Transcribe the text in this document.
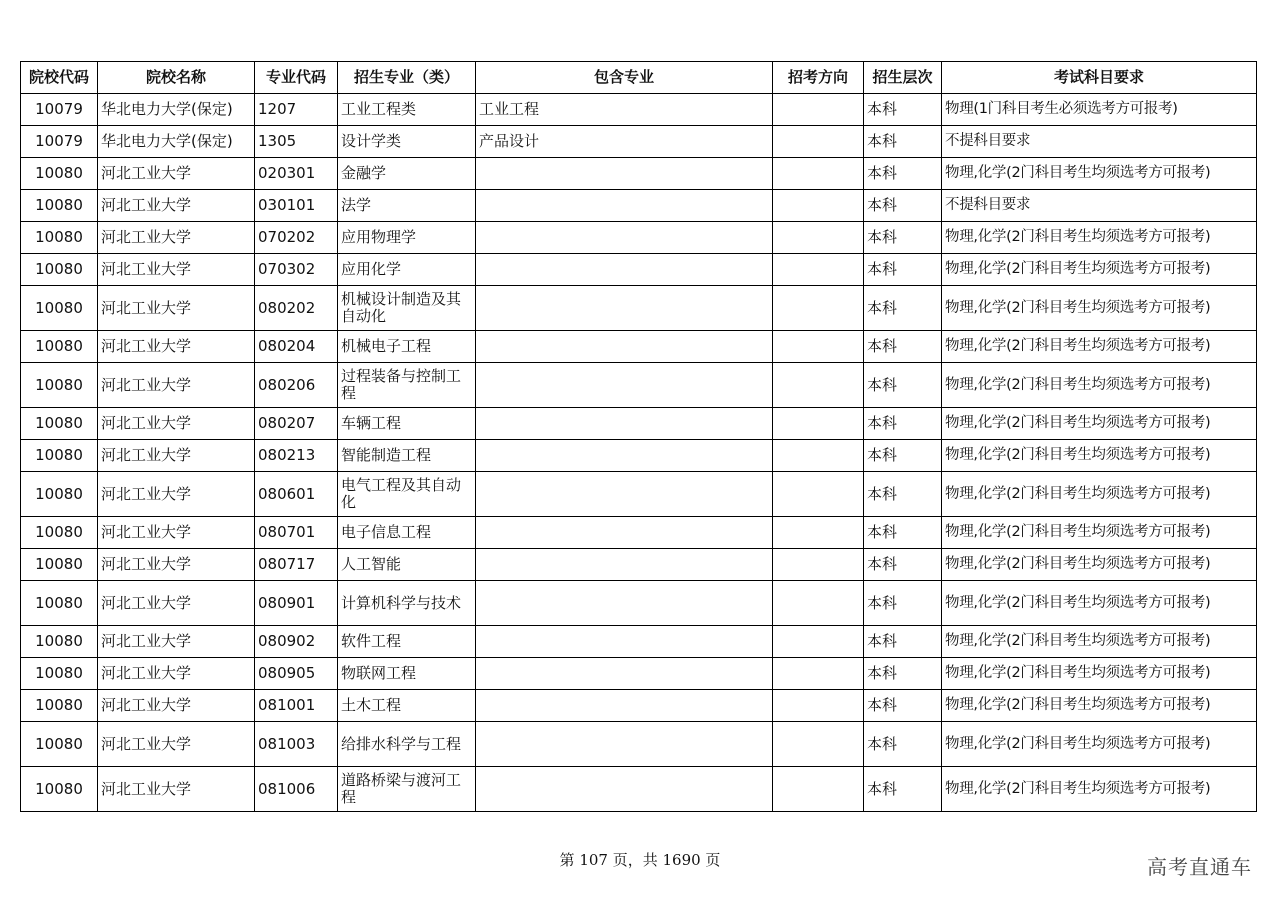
院校代码	院校名称	专业代码	招生专业（类）	包含专业	招考方向	招生层次	考试科目要求
10079	华北电力大学(保定)	1207	工业工程类	工业工程		本科	物理(1门科目考生必须选考方可报考)
10079	华北电力大学(保定)	1305	设计学类	产品设计		本科	不提科目要求
10080	河北工业大学	020301	金融学			本科	物理,化学(2门科目考生均须选考方可报考)
10080	河北工业大学	030101	法学			本科	不提科目要求
10080	河北工业大学	070202	应用物理学			本科	物理,化学(2门科目考生均须选考方可报考)
10080	河北工业大学	070302	应用化学			本科	物理,化学(2门科目考生均须选考方可报考)
10080	河北工业大学	080202	机械设计制造及其自动化			本科	物理,化学(2门科目考生均须选考方可报考)
10080	河北工业大学	080204	机械电子工程			本科	物理,化学(2门科目考生均须选考方可报考)
10080	河北工业大学	080206	过程装备与控制工程			本科	物理,化学(2门科目考生均须选考方可报考)
10080	河北工业大学	080207	车辆工程			本科	物理,化学(2门科目考生均须选考方可报考)
10080	河北工业大学	080213	智能制造工程			本科	物理,化学(2门科目考生均须选考方可报考)
10080	河北工业大学	080601	电气工程及其自动化			本科	物理,化学(2门科目考生均须选考方可报考)
10080	河北工业大学	080701	电子信息工程			本科	物理,化学(2门科目考生均须选考方可报考)
10080	河北工业大学	080717	人工智能			本科	物理,化学(2门科目考生均须选考方可报考)
10080	河北工业大学	080901	计算机科学与技术			本科	物理,化学(2门科目考生均须选考方可报考)
10080	河北工业大学	080902	软件工程			本科	物理,化学(2门科目考生均须选考方可报考)
10080	河北工业大学	080905	物联网工程			本科	物理,化学(2门科目考生均须选考方可报考)
10080	河北工业大学	081001	土木工程			本科	物理,化学(2门科目考生均须选考方可报考)
10080	河北工业大学	081003	给排水科学与工程			本科	物理,化学(2门科目考生均须选考方可报考)
10080	河北工业大学	081006	道路桥梁与渡河工程			本科	物理,化学(2门科目考生均须选考方可报考)
第 107 页，共 1690 页	高考直通车
